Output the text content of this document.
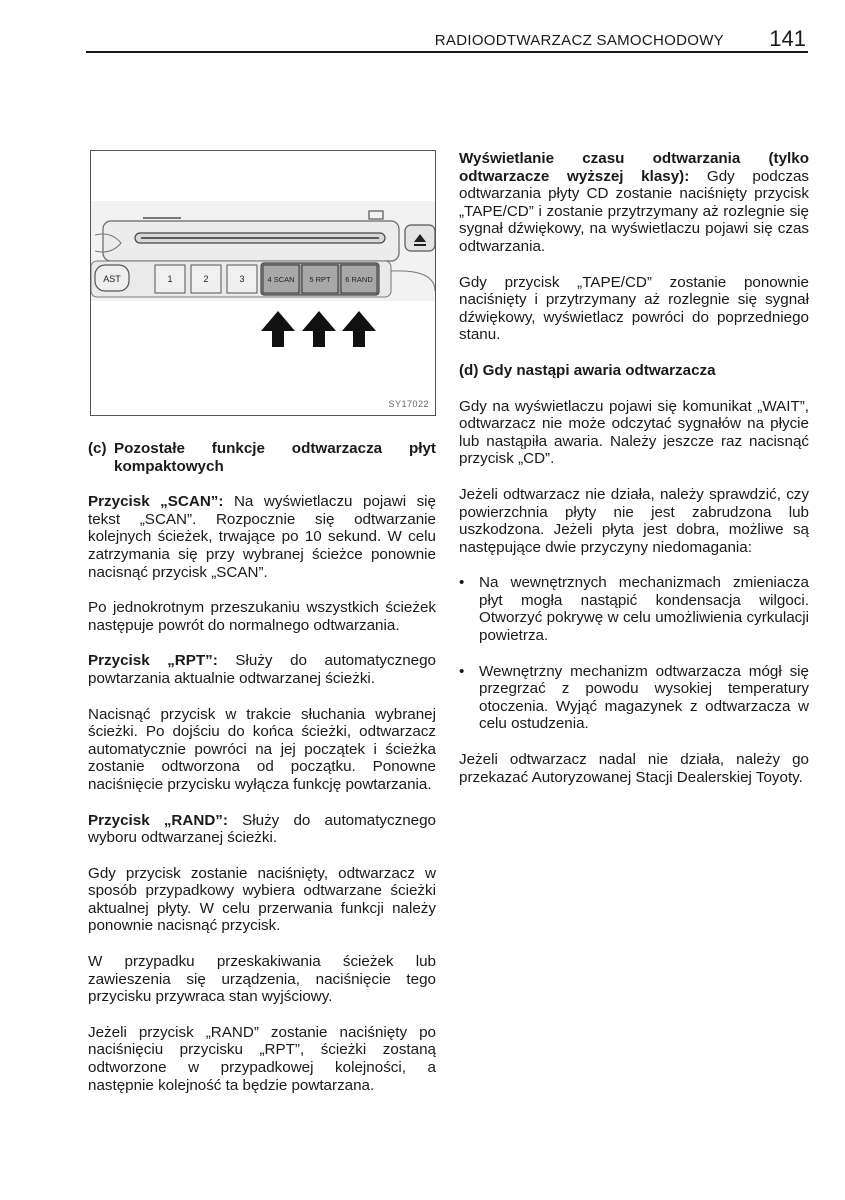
RADIOODTWARZACZ SAMOCHODOWY 141
AST	1	2	3	4 SCAN 5 RPT 6 RAND
SY17022
(c) Pozostałe funkcje odtwarzacza płyt kompaktowych

Przycisk „SCAN”: Na wyświetlaczu pojawi się tekst „SCAN”. Rozpocznie się odtwarzanie kolejnych ścieżek, trwające po 10 sekund. W celu zatrzymania się przy wybranej ścieżce ponownie nacisnąć przycisk „SCAN”.

Po jednokrotnym przeszukaniu wszystkich ścieżek następuje powrót do normalnego odtwarzania.

Przycisk „RPT”: Służy do automatycznego powtarzania aktualnie odtwarzanej ścieżki.

Nacisnąć przycisk w trakcie słuchania wybranej ścieżki. Po dojściu do końca ścieżki, odtwarzacz automatycznie powróci na jej początek i ścieżka zostanie odtworzona od początku. Ponowne naciśnięcie przycisku wyłącza funkcję powtarzania.

Przycisk „RAND”: Służy do automatycznego wyboru odtwarzanej ścieżki.

Gdy przycisk zostanie naciśnięty, odtwarzacz w sposób przypadkowy wybiera odtwarzane ścieżki aktualnej płyty. W celu przerwania funkcji należy ponownie nacisnąć przycisk.

W przypadku przeskakiwania ścieżek lub zawieszenia się urządzenia, naciśnięcie tego przycisku przywraca stan wyjściowy.

Jeżeli przycisk „RAND” zostanie naciśnięty po naciśnięciu przycisku „RPT”, ścieżki zostaną odtworzone w przypadkowej kolejności, a następnie kolejność ta będzie powtarzana.

Wyświetlanie czasu odtwarzania (tylko odtwarzacze wyższej klasy): Gdy podczas odtwarzania płyty CD zostanie naciśnięty przycisk „TAPE/CD” i zostanie przytrzymany aż rozlegnie się sygnał dźwiękowy, na wyświetlaczu pojawi się czas odtwarzania.

Gdy przycisk „TAPE/CD” zostanie ponownie naciśnięty i przytrzymany aż rozlegnie się sygnał dźwiękowy, wyświetlacz powróci do poprzedniego stanu.

(d) Gdy nastąpi awaria odtwarzacza

Gdy na wyświetlaczu pojawi się komunikat „WAIT”, odtwarzacz nie może odczytać sygnałów na płycie lub nastąpiła awaria. Należy jeszcze raz nacisnąć przycisk „CD”.

Jeżeli odtwarzacz nie działa, należy sprawdzić, czy powierzchnia płyty nie jest zabrudzona lub uszkodzona. Jeżeli płyta jest dobra, możliwe są następujące dwie przyczyny niedomagania:

• Na wewnętrznych mechanizmach zmieniacza płyt mogła nastąpić kondensacja wilgoci. Otworzyć pokrywę w celu umożliwienia cyrkulacji powietrza.
• Wewnętrzny mechanizm odtwarzacza mógł się przegrzać z powodu wysokiej temperatury otoczenia. Wyjąć magazynek z odtwarzacza w celu ostudzenia.

Jeżeli odtwarzacz nadal nie działa, należy go przekazać Autoryzowanej Stacji Dealerskiej Toyoty.
